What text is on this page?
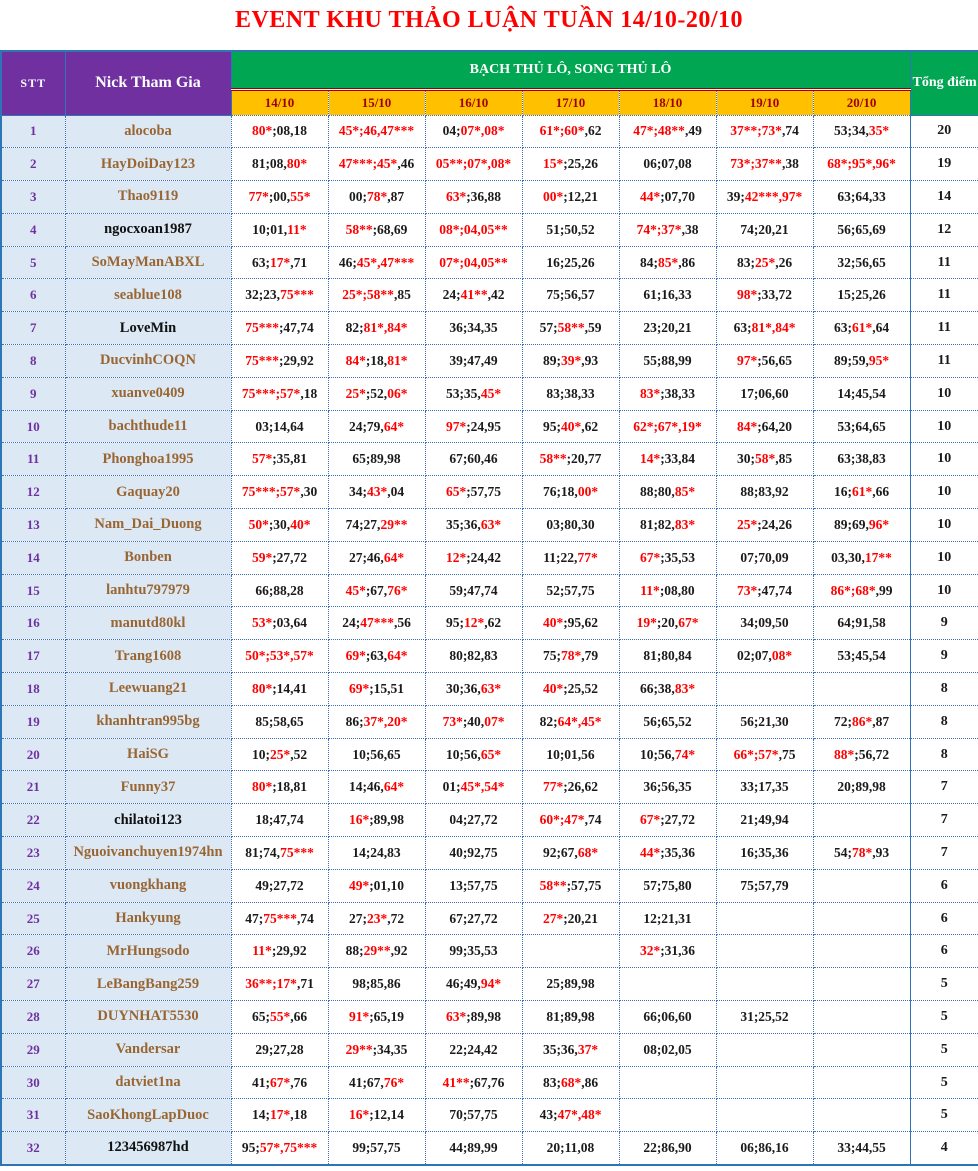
EVENT KHU THẢO LUẬN TUẦN 14/10-20/10
STT	Nick Tham Gia	BẠCH THỦ LÔ, SONG THỦ LÔ							Tổng điểm
		14/10	15/10	16/10	17/10	18/10	19/10	20/10	
1	alocoba	80*;08,18	45*;46,47***	04;07*,08*	61*;60*,62	47*;48**,49	37**;73*,74	53;34,35*	20
2	HayDoiDay123	81;08,80*	47***;45*,46	05**;07*,08*	15*;25,26	06;07,08	73*;37**,38	68*;95*,96*	19
3	Thao9119	77*;00,55*	00;78*,87	63*;36,88	00*;12,21	44*;07,70	39;42***,97*	63;64,33	14
4	ngocxoan1987	10;01,11*	58**;68,69	08*;04,05**	51;50,52	74*;37*,38	74;20,21	56;65,69	12
5	SoMayManABXL	63;17*,71	46;45*,47***	07*;04,05**	16;25,26	84;85*,86	83;25*,26	32;56,65	11
6	seablue108	32;23,75***	25*;58**,85	24;41**,42	75;56,57	61;16,33	98*;33,72	15;25,26	11
7	LoveMin	75***;47,74	82;81*,84*	36;34,35	57;58**,59	23;20,21	63;81*,84*	63;61*,64	11
8	DucvinhCOQN	75***;29,92	84*;18,81*	39;47,49	89;39*,93	55;88,99	97*;56,65	89;59,95*	11
9	xuanve0409	75***;57*,18	25*;52,06*	53;35,45*	83;38,33	83*;38,33	17;06,60	14;45,54	10
10	bachthude11	03;14,64	24;79,64*	97*;24,95	95;40*,62	62*;67*,19*	84*;64,20	53;64,65	10
11	Phonghoa1995	57*;35,81	65;89,98	67;60,46	58**;20,77	14*;33,84	30;58*,85	63;38,83	10
12	Gaquay20	75***;57*,30	34;43*,04	65*;57,75	76;18,00*	88;80,85*	88;83,92	16;61*,66	10
13	Nam_Dai_Duong	50*;30,40*	74;27,29**	35;36,63*	03;80,30	81;82,83*	25*;24,26	89;69,96*	10
14	Bonben	59*;27,72	27;46,64*	12*;24,42	11;22,77*	67*;35,53	07;70,09	03,30,17**	10
15	lanhtu797979	66;88,28	45*;67,76*	59;47,74	52;57,75	11*;08,80	73*;47,74	86*;68*,99	10
16	manutd80kl	53*;03,64	24;47***,56	95;12*,62	40*;95,62	19*;20,67*	34;09,50	64;91,58	9
17	Trang1608	50*;53*,57*	69*;63,64*	80;82,83	75;78*,79	81;80,84	02;07,08*	53;45,54	9
18	Leewuang21	80*;14,41	69*;15,51	30;36,63*	40*;25,52	66;38,83*			8
19	khanhtran995bg	85;58,65	86;37*,20*	73*;40,07*	82;64*,45*	56;65,52	56;21,30	72;86*,87	8
20	HaiSG	10;25*,52	10;56,65	10;56,65*	10;01,56	10;56,74*	66*;57*,75	88*;56,72	8
21	Funny37	80*;18,81	14;46,64*	01;45*,54*	77*;26,62	36;56,35	33;17,35	20;89,98	7
22	chilatoi123	18;47,74	16*;89,98	04;27,72	60*;47*,74	67*;27,72	21;49,94		7
23	Nguoivanchuyen1974hn	81;74,75***	14;24,83	40;92,75	92;67,68*	44*;35,36	16;35,36	54;78*,93	7
24	vuongkhang	49;27,72	49*;01,10	13;57,75	58**;57,75	57;75,80	75;57,79		6
25	Hankyung	47;75***,74	27;23*,72	67;27,72	27*;20,21	12;21,31			6
26	MrHungsodo	11*;29,92	88;29**,92	99;35,53		32*;31,36			6
27	LeBangBang259	36**;17*,71	98;85,86	46;49,94*	25;89,98				5
28	DUYNHAT5530	65;55*,66	91*;65,19	63*;89,98	81;89,98	66;06,60	31;25,52		5
29	Vandersar	29;27,28	29**;34,35	22;24,42	35;36,37*	08;02,05			5
30	datviet1na	41;67*,76	41;67,76*	41**;67,76	83;68*,86				5
31	SaoKhongLapDuoc	14;17*,18	16*;12,14	70;57,75	43;47*,48*				5
32	123456987hd	95;57*,75***	99;57,75	44;89,99	20;11,08	22;86,90	06;86,16	33;44,55	4
